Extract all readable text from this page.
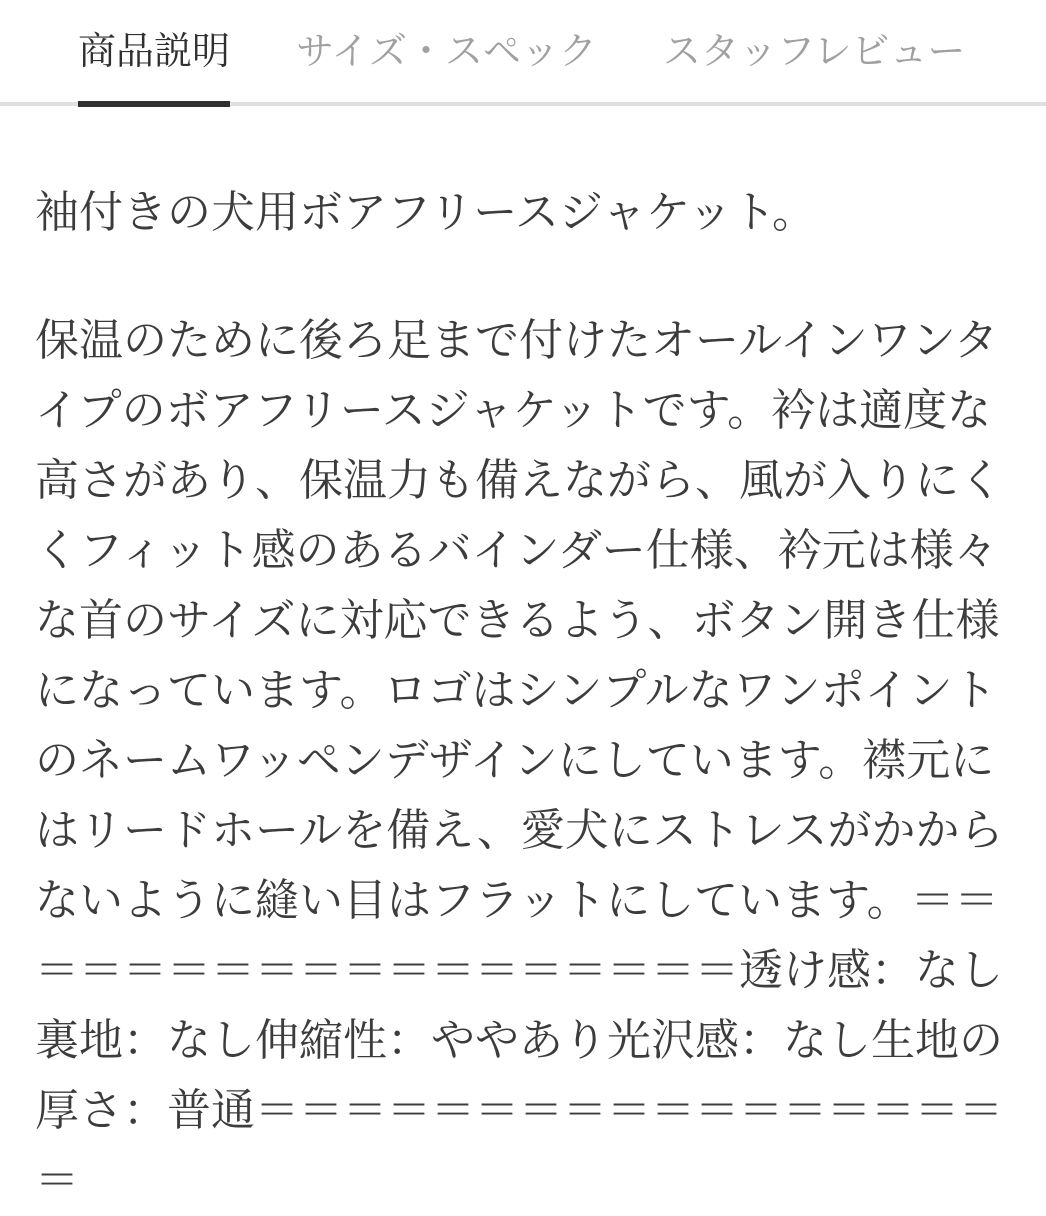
商品説明 サイズ・スペック スタッフレビュー

袖付きの犬用ボアフリースジャケット。

保温のために後ろ足まで付けたオールインワンタイプのボアフリースジャケットです。衿は適度な高さがあり、保温力も備えながら、風が入りにくくフィット感のあるバインダー仕様、衿元は様々な首のサイズに対応できるよう、ボタン開き仕様になっています。ロゴはシンプルなワンポイントのネームワッペンデザインにしています。襟元にはリードホールを備え、愛犬にストレスがかからないように縫い目はフラットにしています。＝＝＝＝＝＝＝＝＝＝＝＝＝＝＝＝＝＝透け感：なし裏地：なし伸縮性：ややあり光沢感：なし生地の厚さ：普通＝＝＝＝＝＝＝＝＝＝＝＝＝＝＝＝＝＝
